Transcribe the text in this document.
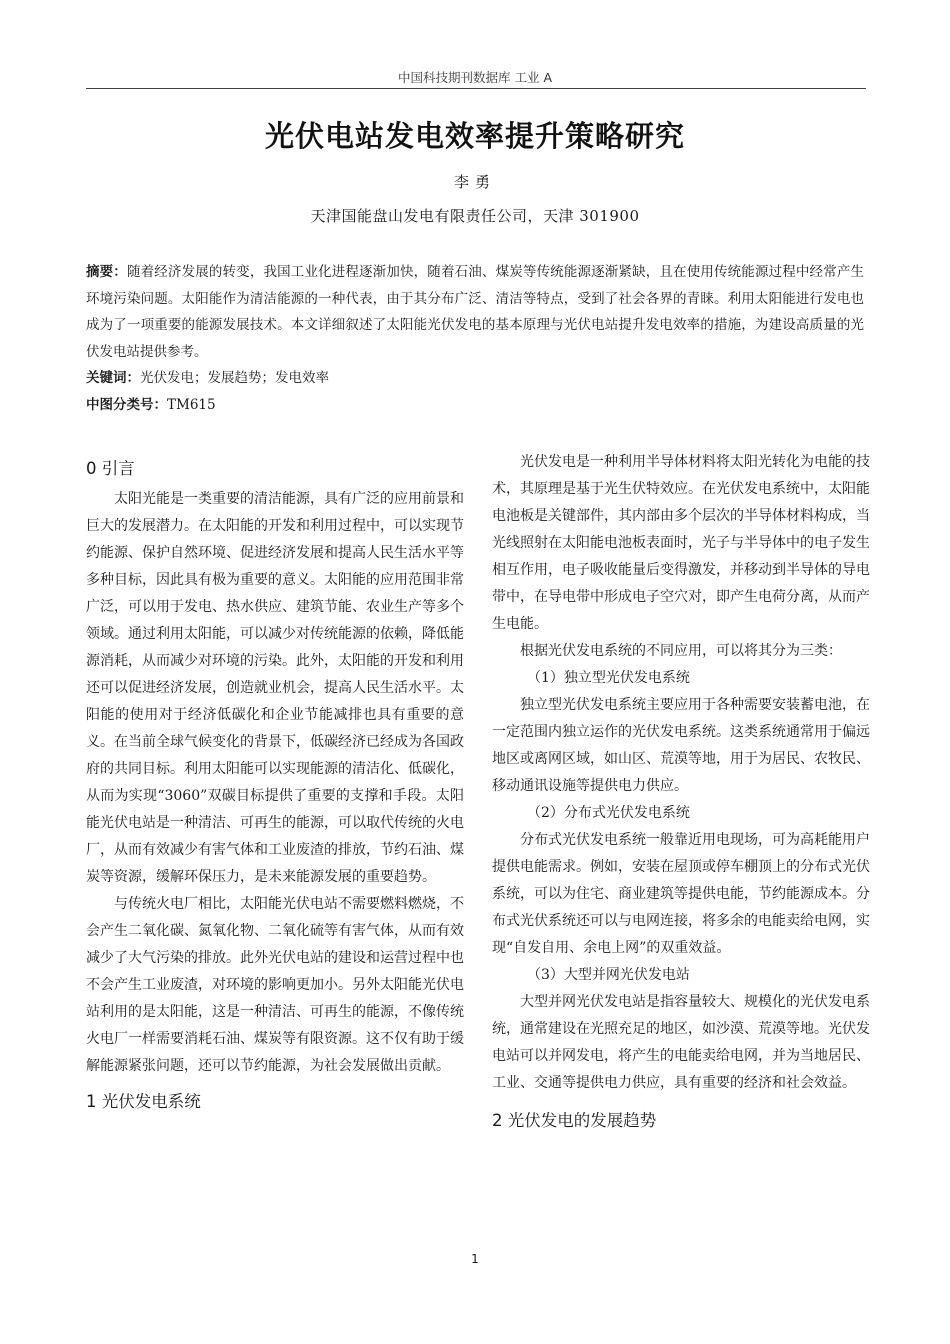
中国科技期刊数据库 工业 A
光伏电站发电效率提升策略研究
李勇
天津国能盘山发电有限责任公司，天津 301900

摘要：随着经济发展的转变，我国工业化进程逐渐加快，随着石油、煤炭等传统能源逐渐紧缺，且在使用传统能源过程中经常产生环境污染问题。太阳能作为清洁能源的一种代表，由于其分布广泛、清洁等特点，受到了社会各界的青睐。利用太阳能进行发电也成为了一项重要的能源发展技术。本文详细叙述了太阳能光伏发电的基本原理与光伏电站提升发电效率的措施，为建设高质量的光伏发电站提供参考。

关键词：光伏发电；发展趋势；发电效率

中图分类号：TM615

0 引言

太阳光能是一类重要的清洁能源，具有广泛的应用前景和巨大的发展潜力。在太阳能的开发和利用过程中，可以实现节约能源、保护自然环境、促进经济发展和提高人民生活水平等多种目标，因此具有极为重要的意义。太阳能的应用范围非常广泛，可以用于发电、热水供应、建筑节能、农业生产等多个领域。通过利用太阳能，可以减少对传统能源的依赖，降低能源消耗，从而减少对环境的污染。此外，太阳能的开发和利用还可以促进经济发展，创造就业机会，提高人民生活水平。太阳能的使用对于经济低碳化和企业节能减排也具有重要的意义。在当前全球气候变化的背景下，低碳经济已经成为各国政府的共同目标。利用太阳能可以实现能源的清洁化、低碳化，从而为实现“3060”双碳目标提供了重要的支撑和手段。太阳能光伏电站是一种清洁、可再生的能源，可以取代传统的火电厂，从而有效减少有害气体和工业废渣的排放，节约石油、煤炭等资源，缓解环保压力，是未来能源发展的重要趋势。

与传统火电厂相比，太阳能光伏电站不需要燃料燃烧，不会产生二氧化碳、氮氧化物、二氧化硫等有害气体，从而有效减少了大气污染的排放。此外光伏电站的建设和运营过程中也不会产生工业废渣，对环境的影响更加小。另外太阳能光伏电站利用的是太阳能，这是一种清洁、可再生的能源，不像传统火电厂一样需要消耗石油、煤炭等有限资源。这不仅有助于缓解能源紧张问题，还可以节约能源，为社会发展做出贡献。

1 光伏发电系统

光伏发电是一种利用半导体材料将太阳光转化为电能的技术，其原理是基于光生伏特效应。在光伏发电系统中，太阳能电池板是关键部件，其内部由多个层次的半导体材料构成，当光线照射在太阳能电池板表面时，光子与半导体中的电子发生相互作用，电子吸收能量后变得激发，并移动到半导体的导电带中，在导电带中形成电子空穴对，即产生电荷分离，从而产生电能。

根据光伏发电系统的不同应用，可以将其分为三类：

（1）独立型光伏发电系统

独立型光伏发电系统主要应用于各种需要安装蓄电池，在一定范围内独立运作的光伏发电系统。这类系统通常用于偏远地区或离网区域，如山区、荒漠等地，用于为居民、农牧民、移动通讯设施等提供电力供应。

（2）分布式光伏发电系统

分布式光伏发电系统一般靠近用电现场，可为高耗能用户提供电能需求。例如，安装在屋顶或停车棚顶上的分布式光伏系统，可以为住宅、商业建筑等提供电能，节约能源成本。分布式光伏系统还可以与电网连接，将多余的电能卖给电网，实现“自发自用、余电上网”的双重效益。

（3）大型并网光伏发电站

大型并网光伏发电站是指容量较大、规模化的光伏发电系统，通常建设在光照充足的地区，如沙漠、荒漠等地。光伏发电站可以并网发电，将产生的电能卖给电网，并为当地居民、工业、交通等提供电力供应，具有重要的经济和社会效益。

2 光伏发电的发展趋势
1
